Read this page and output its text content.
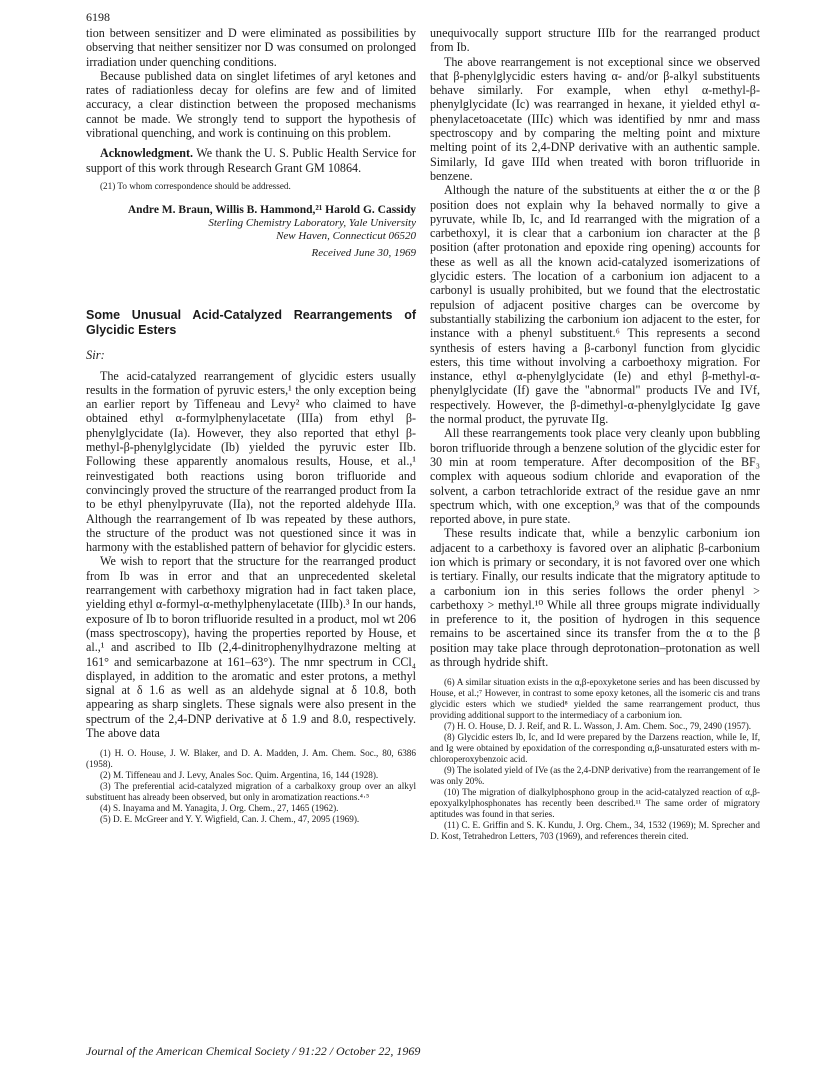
6198

tion between sensitizer and D were eliminated as possibilities by observing that neither sensitizer nor D was consumed on prolonged irradiation under quenching conditions.

Because published data on singlet lifetimes of aryl ketones and rates of radiationless decay for olefins are few and of limited accuracy, a clear distinction between the proposed mechanisms cannot be made. We strongly tend to support the hypothesis of vibrational quenching, and work is continuing on this problem.

Acknowledgment. We thank the U. S. Public Health Service for support of this work through Research Grant GM 10864.

(21) To whom correspondence should be addressed.

Andre M. Braun, Willis B. Hammond,²¹ Harold G. Cassidy
Sterling Chemistry Laboratory, Yale University
New Haven, Connecticut 06520
Received June 30, 1969
Some Unusual Acid-Catalyzed Rearrangements of Glycidic Esters
Sir:

The acid-catalyzed rearrangement of glycidic esters usually results in the formation of pyruvic esters,¹ the only exception being an earlier report by Tiffeneau and Levy² who claimed to have obtained ethyl α-formylphenylacetate (IIIa) from ethyl β-phenylglycidate (Ia). However, they also reported that ethyl β-methyl-β-phenylglycidate (Ib) yielded the pyruvic ester IIb. Following these apparently anomalous results, House, et al.,¹ reinvestigated both reactions using boron trifluoride and convincingly proved the structure of the rearranged product from Ia to be ethyl phenylpyruvate (IIa), not the reported aldehyde IIIa. Although the rearrangement of Ib was repeated by these authors, the structure of the product was not questioned since it was in harmony with the established pattern of behavior for glycidic esters.

We wish to report that the structure for the rearranged product from Ib was in error and that an unprecedented skeletal rearrangement with carbethoxy migration had in fact taken place, yielding ethyl α-formyl-α-methylphenylacetate (IIIb).³ In our hands, exposure of Ib to boron trifluoride resulted in a product, mol wt 206 (mass spectroscopy), having the properties reported by House, et al.,¹ and ascribed to IIb (2,4-dinitrophenylhydrazone melting at 161° and semicarbazone at 161–63°). The nmr spectrum in CCl₄ displayed, in addition to the aromatic and ester protons, a methyl signal at δ 1.6 as well as an aldehyde signal at δ 10.8, both appearing as sharp singlets. These signals were also present in the spectrum of the 2,4-DNP derivative at δ 1.9 and 8.0, respectively. The above data

(1) H. O. House, J. W. Blaker, and D. A. Madden, J. Am. Chem. Soc., 80, 6386 (1958).

(2) M. Tiffeneau and J. Levy, Anales Soc. Quim. Argentina, 16, 144 (1928).

(3) The preferential acid-catalyzed migration of a carbalkoxy group over an alkyl substituent has already been observed, but only in aromatization reactions.⁴·⁵

(4) S. Inayama and M. Yanagita, J. Org. Chem., 27, 1465 (1962).

(5) D. E. McGreer and Y. Y. Wigfield, Can. J. Chem., 47, 2095 (1969).

unequivocally support structure IIIb for the rearranged product from Ib.

The above rearrangement is not exceptional since we observed that β-phenylglycidic esters having α- and/or β-alkyl substituents behave similarly. For example, when ethyl α-methyl-β-phenylglycidate (Ic) was rearranged in hexane, it yielded ethyl α-phenylacetoacetate (IIIc) which was identified by nmr and mass spectroscopy and by comparing the melting point and mixture melting point of its 2,4-DNP derivative with an authentic sample. Similarly, Id gave IIId when treated with boron trifluoride in benzene.

Although the nature of the substituents at either the α or the β position does not explain why Ia behaved normally to give a pyruvate, while Ib, Ic, and Id rearranged with the migration of a carbethoxyl, it is clear that a carbonium ion character at the β position (after protonation and epoxide ring opening) accounts for these as well as all the known acid-catalyzed isomerizations of glycidic esters. The location of a carbonium ion adjacent to a carbonyl is usually prohibited, but we found that the electrostatic repulsion of adjacent positive charges can be overcome by substantially stabilizing the carbonium ion adjacent to the ester, for instance with a phenyl substituent.⁶ This represents a second synthesis of esters having a β-carbonyl function from glycidic esters, this time without involving a carboethoxy migration. For instance, ethyl α-phenylglycidate (Ie) and ethyl β-methyl-α-phenylglycidate (If) gave the "abnormal" products IVe and IVf, respectively. However, the β-dimethyl-α-phenylglycidate Ig gave the normal product, the pyruvate IIg.

All these rearrangements took place very cleanly upon bubbling boron trifluoride through a benzene solution of the glycidic ester for 30 min at room temperature. After decomposition of the BF₃ complex with aqueous sodium chloride and evaporation of the solvent, a carbon tetrachloride extract of the residue gave an nmr spectrum which, with one exception,⁹ was that of the compounds reported above, in pure state.

These results indicate that, while a benzylic carbonium ion adjacent to a carbethoxy is favored over an aliphatic β-carbonium ion which is primary or secondary, it is not favored over one which is tertiary. Finally, our results indicate that the migratory aptitude to a carbonium ion in this series follows the order phenyl > carbethoxy > methyl.¹⁰ While all three groups migrate individually in preference to it, the position of hydrogen in this sequence remains to be ascertained since its transfer from the α to the β position may take place through deprotonation–protonation as well as through hydride shift.

(6) A similar situation exists in the α,β-epoxyketone series and has been discussed by House, et al.;⁷ However, in contrast to some epoxy ketones, all the isomeric cis and trans glycidic esters which we studied⁸ yielded the same rearrangement product, thus providing additional support to the intermediacy of a carbonium ion.

(7) H. O. House, D. J. Reif, and R. L. Wasson, J. Am. Chem. Soc., 79, 2490 (1957).

(8) Glycidic esters Ib, Ic, and Id were prepared by the Darzens reaction, while Ie, If, and Ig were obtained by epoxidation of the corresponding α,β-unsaturated esters with m-chloroperoxybenzoic acid.

(9) The isolated yield of IVe (as the 2,4-DNP derivative) from the rearrangement of Ie was only 20%.

(10) The migration of dialkylphosphono group in the acid-catalyzed reaction of α,β-epoxyalkylphosphonates has recently been described.¹¹ The same order of migratory aptitudes was found in that series.

(11) C. E. Griffin and S. K. Kundu, J. Org. Chem., 34, 1532 (1969); M. Sprecher and D. Kost, Tetrahedron Letters, 703 (1969), and references therein cited.

Journal of the American Chemical Society / 91:22 / October 22, 1969
